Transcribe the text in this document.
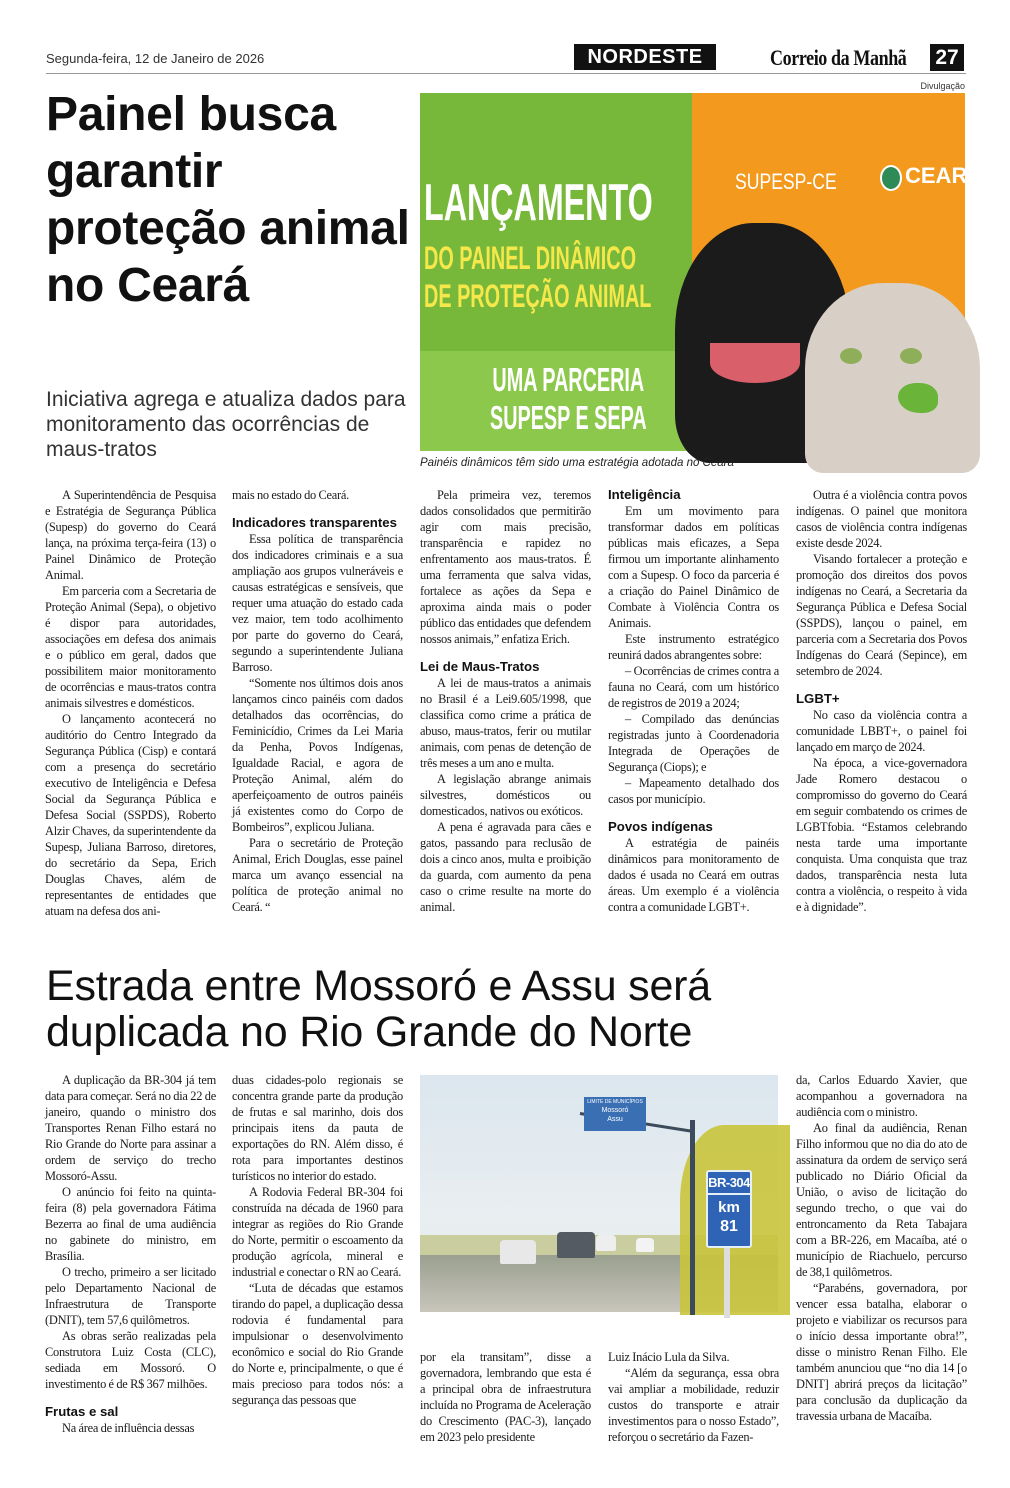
Segunda-feira, 12 de Janeiro de 2026	NORDESTE	Correio da Manhã 27
Painel busca garantir proteção animal no Ceará
Iniciativa agrega e atualiza dados para monitoramento das ocorrências de maus-tratos
Divulgação
LANÇAMENTO
DO PAINEL DINÂMICO
DE PROTEÇÃO ANIMAL
UMA PARCERIA
SUPESP E SEPA
SUPESP-CE	CEARÁ
Painéis dinâmicos têm sido uma estratégia adotada no Ceará

A Superintendência de Pesquisa e Estratégia de Segurança Pública (Supesp) do governo do Ceará lança, na próxima terça-feira (13) o Painel Dinâmico de Proteção Animal.

Em parceria com a Secretaria de Proteção Animal (Sepa), o objetivo é dispor para autoridades, associações em defesa dos animais e o público em geral, dados que possibilitem maior monitoramento de ocorrências e maus-tratos contra animais silvestres e domésticos.

O lançamento acontecerá no auditório do Centro Integrado da Segurança Pública (Cisp) e contará com a presença do secretário executivo de Inteligência e Defesa Social da Segurança Pública e Defesa Social (SSPDS), Roberto Alzir Chaves, da superintendente da Supesp, Juliana Barroso, diretores, do secretário da Sepa, Erich Douglas Chaves, além de representantes de entidades que atuam na defesa dos ani-

mais no estado do Ceará.

Indicadores transparentes

Essa política de transparência dos indicadores criminais e a sua ampliação aos grupos vulneráveis e causas estratégicas e sensíveis, que requer uma atuação do estado cada vez maior, tem todo acolhimento por parte do governo do Ceará, segundo a superintendente Juliana Barroso.

“Somente nos últimos dois anos lançamos cinco painéis com dados detalhados das ocorrências, do Feminicídio, Crimes da Lei Maria da Penha, Povos Indígenas, Igualdade Racial, e agora de Proteção Animal, além do aperfeiçoamento de outros painéis já existentes como do Corpo de Bombeiros”, explicou Juliana.

Para o secretário de Proteção Animal, Erich Douglas, esse painel marca um avanço essencial na política de proteção animal no Ceará. “

Pela primeira vez, teremos dados consolidados que permitirão agir com mais precisão, transparência e rapidez no enfrentamento aos maus-tratos. É uma ferramenta que salva vidas, fortalece as ações da Sepa e aproxima ainda mais o poder público das entidades que defendem nossos animais,” enfatiza Erich.

Lei de Maus-Tratos

A lei de maus-tratos a animais no Brasil é a Lei9.605/1998, que classifica como crime a prática de abuso, maus-tratos, ferir ou mutilar animais, com penas de detenção de três meses a um ano e multa.

A legislação abrange animais silvestres, domésticos ou domesticados, nativos ou exóticos.

A pena é agravada para cães e gatos, passando para reclusão de dois a cinco anos, multa e proibição da guarda, com aumento da pena caso o crime resulte na morte do animal.

Inteligência

Em um movimento para transformar dados em políticas públicas mais eficazes, a Sepa firmou um importante alinhamento com a Supesp. O foco da parceria é a criação do Painel Dinâmico de Combate à Violência Contra os Animais.

Este instrumento estratégico reunirá dados abrangentes sobre:

– Ocorrências de crimes contra a fauna no Ceará, com um histórico de registros de 2019 a 2024;

– Compilado das denúncias registradas junto à Coordenadoria Integrada de Operações de Segurança (Ciops); e

– Mapeamento detalhado dos casos por município.

Povos indígenas

A estratégia de painéis dinâmicos para monitoramento de dados é usada no Ceará em outras áreas. Um exemplo é a violência contra a comunidade LGBT+.

Outra é a violência contra povos indígenas. O painel que monitora casos de violência contra indígenas existe desde 2024.

Visando fortalecer a proteção e promoção dos direitos dos povos indígenas no Ceará, a Secretaria da Segurança Pública e Defesa Social (SSPDS), lançou o painel, em parceria com a Secretaria dos Povos Indígenas do Ceará (Sepince), em setembro de 2024.

LGBT+

No caso da violência contra a comunidade LBBT+, o painel foi lançado em março de 2024.

Na época, a vice-governadora Jade Romero destacou o compromisso do governo do Ceará em seguir combatendo os crimes de LGBTfobia. “Estamos celebrando nesta tarde uma importante conquista. Uma conquista que traz dados, transparência nesta luta contra a violência, o respeito à vida e à dignidade”.

Estrada entre Mossoró e Assu será duplicada no Rio Grande do Norte
LIMITE DE MUNICÍPIOS
Mossoró
Assu
BR-304
km
81

A duplicação da BR-304 já tem data para começar. Será no dia 22 de janeiro, quando o ministro dos Transportes Renan Filho estará no Rio Grande do Norte para assinar a ordem de serviço do trecho Mossoró-Assu.

O anúncio foi feito na quinta-feira (8) pela governadora Fátima Bezerra ao final de uma audiência no gabinete do ministro, em Brasília.

O trecho, primeiro a ser licitado pelo Departamento Nacional de Infraestrutura de Transporte (DNIT), tem 57,6 quilômetros.

As obras serão realizadas pela Construtora Luiz Costa (CLC), sediada em Mossoró. O investimento é de R$ 367 milhões.

Frutas e sal

Na área de influência dessas

duas cidades-polo regionais se concentra grande parte da produção de frutas e sal marinho, dois dos principais itens da pauta de exportações do RN. Além disso, é rota para importantes destinos turísticos no interior do estado.

A Rodovia Federal BR-304 foi construída na década de 1960 para integrar as regiões do Rio Grande do Norte, permitir o escoamento da produção agrícola, mineral e industrial e conectar o RN ao Ceará.

“Luta de décadas que estamos tirando do papel, a duplicação dessa rodovia é fundamental para impulsionar o desenvolvimento econômico e social do Rio Grande do Norte e, principalmente, o que é mais precioso para todos nós: a segurança das pessoas que

por ela transitam”, disse a governadora, lembrando que esta é a principal obra de infraestrutura incluída no Programa de Aceleração do Crescimento (PAC-3), lançado em 2023 pelo presidente

Luiz Inácio Lula da Silva.

“Além da segurança, essa obra vai ampliar a mobilidade, reduzir custos do transporte e atrair investimentos para o nosso Estado”, reforçou o secretário da Fazen-

da, Carlos Eduardo Xavier, que acompanhou a governadora na audiência com o ministro.

Ao final da audiência, Renan Filho informou que no dia do ato de assinatura da ordem de serviço será publicado no Diário Oficial da União, o aviso de licitação do segundo trecho, o que vai do entroncamento da Reta Tabajara com a BR-226, em Macaíba, até o município de Riachuelo, percurso de 38,1 quilômetros.

“Parabéns, governadora, por vencer essa batalha, elaborar o projeto e viabilizar os recursos para o início dessa importante obra!”, disse o ministro Renan Filho. Ele também anunciou que “no dia 14 [o DNIT] abrirá preços da licitação” para conclusão da duplicação da travessia urbana de Macaíba.
